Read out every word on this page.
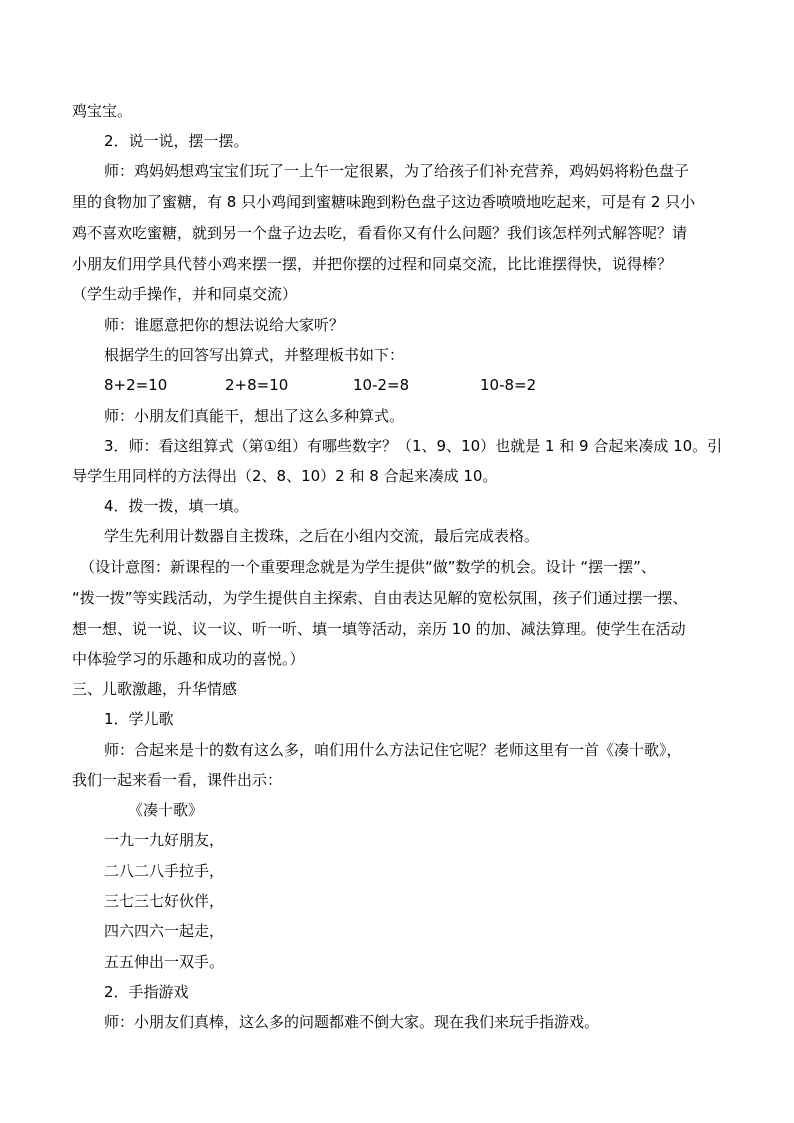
鸡宝宝。
2．说一说，摆一摆。
师：鸡妈妈想鸡宝宝们玩了一上午一定很累，为了给孩子们补充营养，鸡妈妈将粉色盘子
里的食物加了蜜糖，有 8 只小鸡闻到蜜糖味跑到粉色盘子这边香喷喷地吃起来，可是有 2 只小
鸡不喜欢吃蜜糖，就到另一个盘子边去吃，看看你又有什么问题？我们该怎样列式解答呢？请
小朋友们用学具代替小鸡来摆一摆，并把你摆的过程和同桌交流，比比谁摆得快，说得棒？
（学生动手操作，并和同桌交流）
师：谁愿意把你的想法说给大家听？
根据学生的回答写出算式，并整理板书如下：
8+2=10	2+8=10	10-2=8	10-8=2
师：小朋友们真能干，想出了这么多种算式。
3．师：看这组算式（第①组）有哪些数字？（1、9、10）也就是 1 和 9 合起来凑成 10。引
导学生用同样的方法得出（2、8、10）2 和 8 合起来凑成 10。
4．拨一拨，填一填。
学生先利用计数器自主拨珠，之后在小组内交流，最后完成表格。
（设计意图：新课程的一个重要理念就是为学生提供“做”数学的机会。设计 “摆一摆”、
“拨一拨”等实践活动，为学生提供自主探索、自由表达见解的宽松氛围，孩子们通过摆一摆、
想一想、说一说、议一议、听一听、填一填等活动，亲历 10 的加、减法算理。使学生在活动
中体验学习的乐趣和成功的喜悦。）
三、儿歌激趣，升华情感
1．学儿歌
师：合起来是十的数有这么多，咱们用什么方法记住它呢？老师这里有一首《凑十歌》，
我们一起来看一看，课件出示：
《凑十歌》
一九一九好朋友，
二八二八手拉手，
三七三七好伙伴，
四六四六一起走，
五五伸出一双手。
2．手指游戏
师：小朋友们真棒，这么多的问题都难不倒大家。现在我们来玩手指游戏。
